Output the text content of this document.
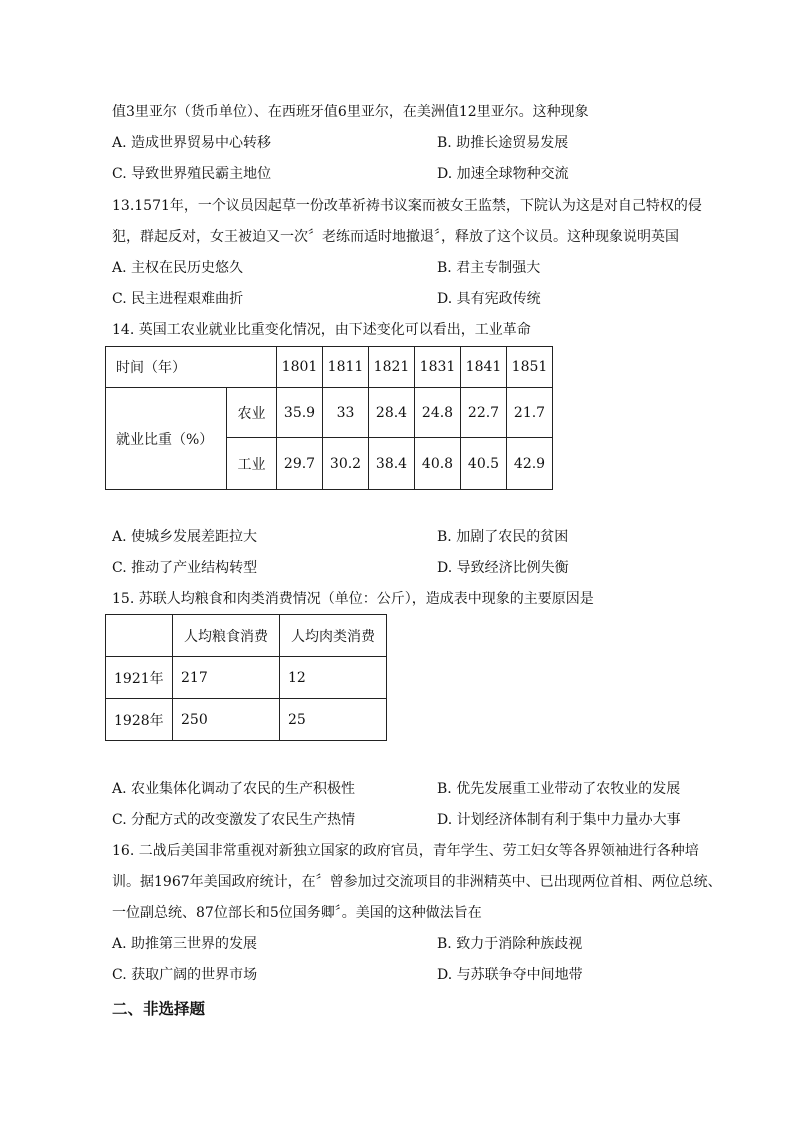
值3里亚尔（货币单位）、在西班牙值6里亚尔，在美洲值12里亚尔。这种现象
A. 造成世界贸易中心转移	B. 助推长途贸易发展
C. 导致世界殖民霸主地位	D. 加速全球物种交流
13.1571年，一个议员因起草一份改革祈祷书议案而被女王监禁，下院认为这是对自己特权的侵
犯，群起反对，女王被迫又一次〞老练而适时地撤退〞，释放了这个议员。这种现象说明英国
A. 主权在民历史悠久	B. 君主专制强大
C. 民主进程艰难曲折	D. 具有宪政传统
14. 英国工农业就业比重变化情况，由下述变化可以看出，工业革命
时间（年）		1801	1811	1821	1831	1841	1851
就业比重（%）	农业	35.9	33	28.4	24.8	22.7	21.7
	工业	29.7	30.2	38.4	40.8	40.5	42.9
A. 使城乡发展差距拉大	B. 加剧了农民的贫困
C. 推动了产业结构转型	D. 导致经济比例失衡
15. 苏联人均粮食和肉类消费情况（单位：公斤），造成表中现象的主要原因是
	人均粮食消费	人均肉类消费
1921年	217	12
1928年	250	25
A. 农业集体化调动了农民的生产积极性	B. 优先发展重工业带动了农牧业的发展
C. 分配方式的改变激发了农民生产热情	D. 计划经济体制有利于集中力量办大事
16. 二战后美国非常重视对新独立国家的政府官员，青年学生、劳工妇女等各界领袖进行各种培
训。据1967年美国政府统计，在〞曾参加过交流项目的非洲精英中、已出现两位首相、两位总统、
一位副总统、87位部长和5位国务卿〞。美国的这种做法旨在
A. 助推第三世界的发展	B. 致力于消除种族歧视
C. 获取广阔的世界市场	D. 与苏联争夺中间地带
二、非选择题
